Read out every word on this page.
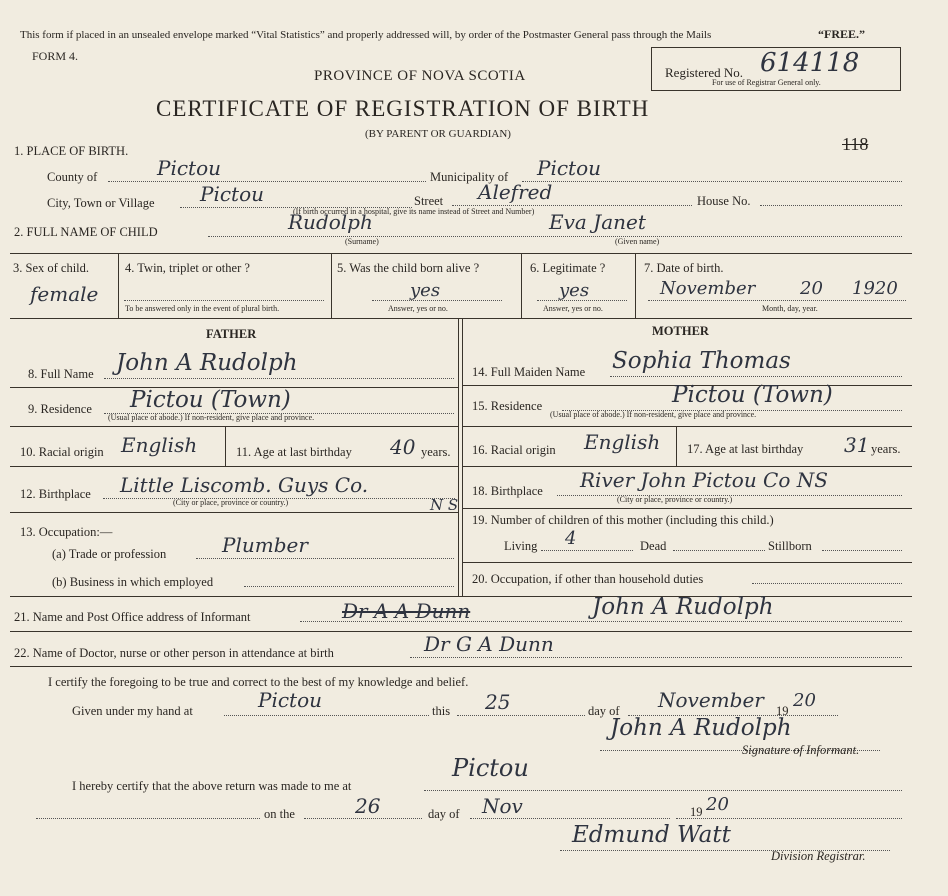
This form if placed in an unsealed envelope marked “Vital Statistics” and properly addressed will, by order of the Postmaster General pass through the Mails	“FREE.”
FORM 4.
PROVINCE OF NOVA SCOTIA
CERTIFICATE OF REGISTRATION OF BIRTH
(BY PARENT OR GUARDIAN)
Registered No. 614118
For use of Registrar General only.
118
1. PLACE OF BIRTH.
County of	Pictou	Municipality of Pictou
City, Town or Village Pictou	Street Alefred	House No.
(If birth occurred in a hospital, give its name instead of Street and Number)
2. FULL NAME OF CHILD	Rudolph
(Surname)
Eva Janet
(Given name)
3. Sex of child.
female
4. Twin, triplet or other ?
To be answered only in the event of plural birth.
5. Was the child born alive ?
yes
Answer, yes or no.
6. Legitimate ?
yes
Answer, yes or no.
7. Date of birth.
November 20 1920
Month, day, year.
FATHER
8. Full Name John A Rudolph
9. Residence Pictou (Town)
(Usual place of abode.) If non-resident, give place and province.
10. Racial origin English	11. Age at last birthday 40 years.
12. Birthplace Little Liscomb. Guys Co.
N S
(City or place, province or country.)
13. Occupation:—
(a) Trade or profession	Plumber
(b) Business in which employed
MOTHER
14. Full Maiden Name Sophia Thomas
15. Residence	Pictou (Town)
(Usual place of abode.) If non-resident, give place and province.
16. Racial origin English 17. Age at last birthday 31 years.
18. Birthplace River John Pictou Co NS
(City or place, province or country.)
19. Number of children of this mother (including this child.)
Living 4	Dead	Stillborn
20. Occupation, if other than household duties
21. Name and Post Office address of Informant	Dr A A Dunn	John A Rudolph
22. Name of Doctor, nurse or other person in attendance at birth	Dr G A Dunn
I certify the foregoing to be true and correct to the best of my knowledge and belief.
Given under my hand at	Pictou	this 25	day of November 19 20
John A Rudolph
Signature of Informant.
I hereby certify that the above return was made to me at
Pictou
on the	26	day of Nov	19 20
Edmund Watt
Division Registrar.
